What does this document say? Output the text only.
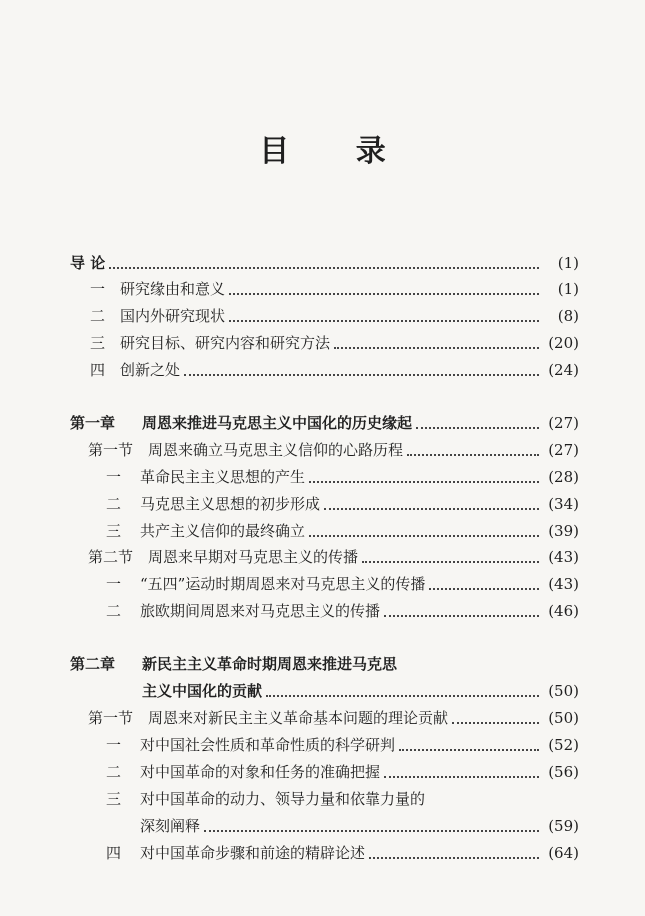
目 录
导 论	(1)
一 研究缘由和意义	(1)
二 国内外研究现状	(8)
三 研究目标、研究内容和研究方法	(20)
四 创新之处	(24)
第一章	周恩来推进马克思主义中国化的历史缘起	(27)
第一节 周恩来确立马克思主义信仰的心路历程	(27)
一	革命民主主义思想的产生	(28)
二	马克思主义思想的初步形成	(34)
三	共产主义信仰的最终确立	(39)
第二节 周恩来早期对马克思主义的传播	(43)
一	“五四”运动时期周恩来对马克思主义的传播	(43)
二	旅欧期间周恩来对马克思主义的传播	(46)
第二章 新民主主义革命时期周恩来推进马克思
主义中国化的贡献	(50)
第一节 周恩来对新民主主义革命基本问题的理论贡献	(50)
一	对中国社会性质和革命性质的科学研判	(52)
二	对中国革命的对象和任务的准确把握	(56)
三 对中国革命的动力、领导力量和依靠力量的
深刻阐释	(59)
四	对中国革命步骤和前途的精辟论述	(64)
